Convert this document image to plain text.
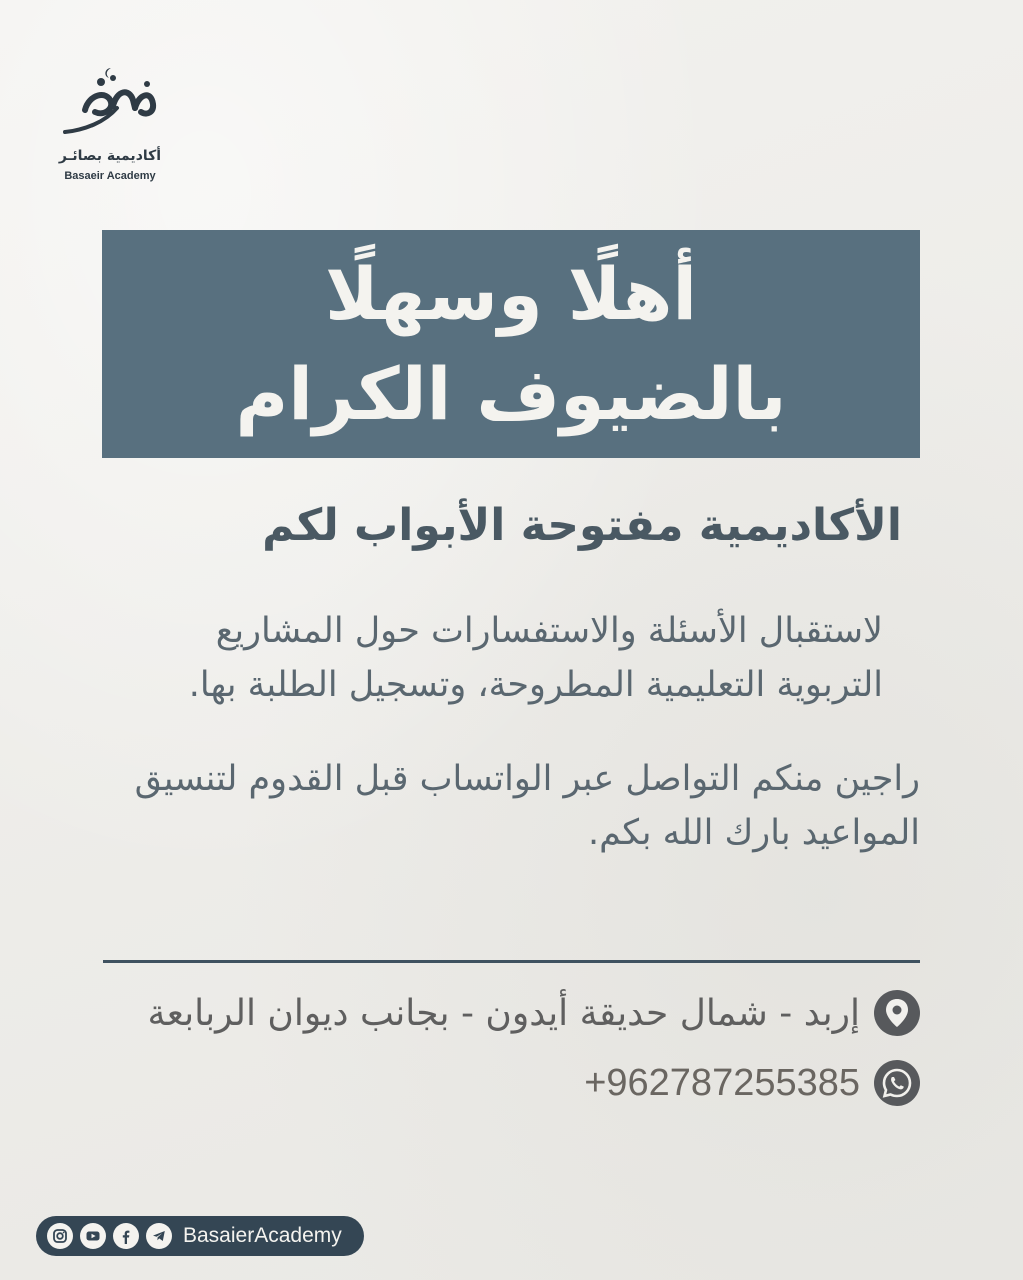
أكاديمية بصائـر
Basaeir Academy
أهلًا وسهلًا
بالضيوف الكرام
الأكاديمية مفتوحة الأبواب لكم
لاستقبال الأسئلة والاستفسارات حول المشاريع
التربوية التعليمية المطروحة، وتسجيل الطلبة بها.
راجين منكم التواصل عبر الواتساب قبل القدوم لتنسيق
المواعيد بارك الله بكم.
إربد - شمال حديقة أيدون - بجانب ديوان الربابعة
+962787255385
BasaierAcademy
